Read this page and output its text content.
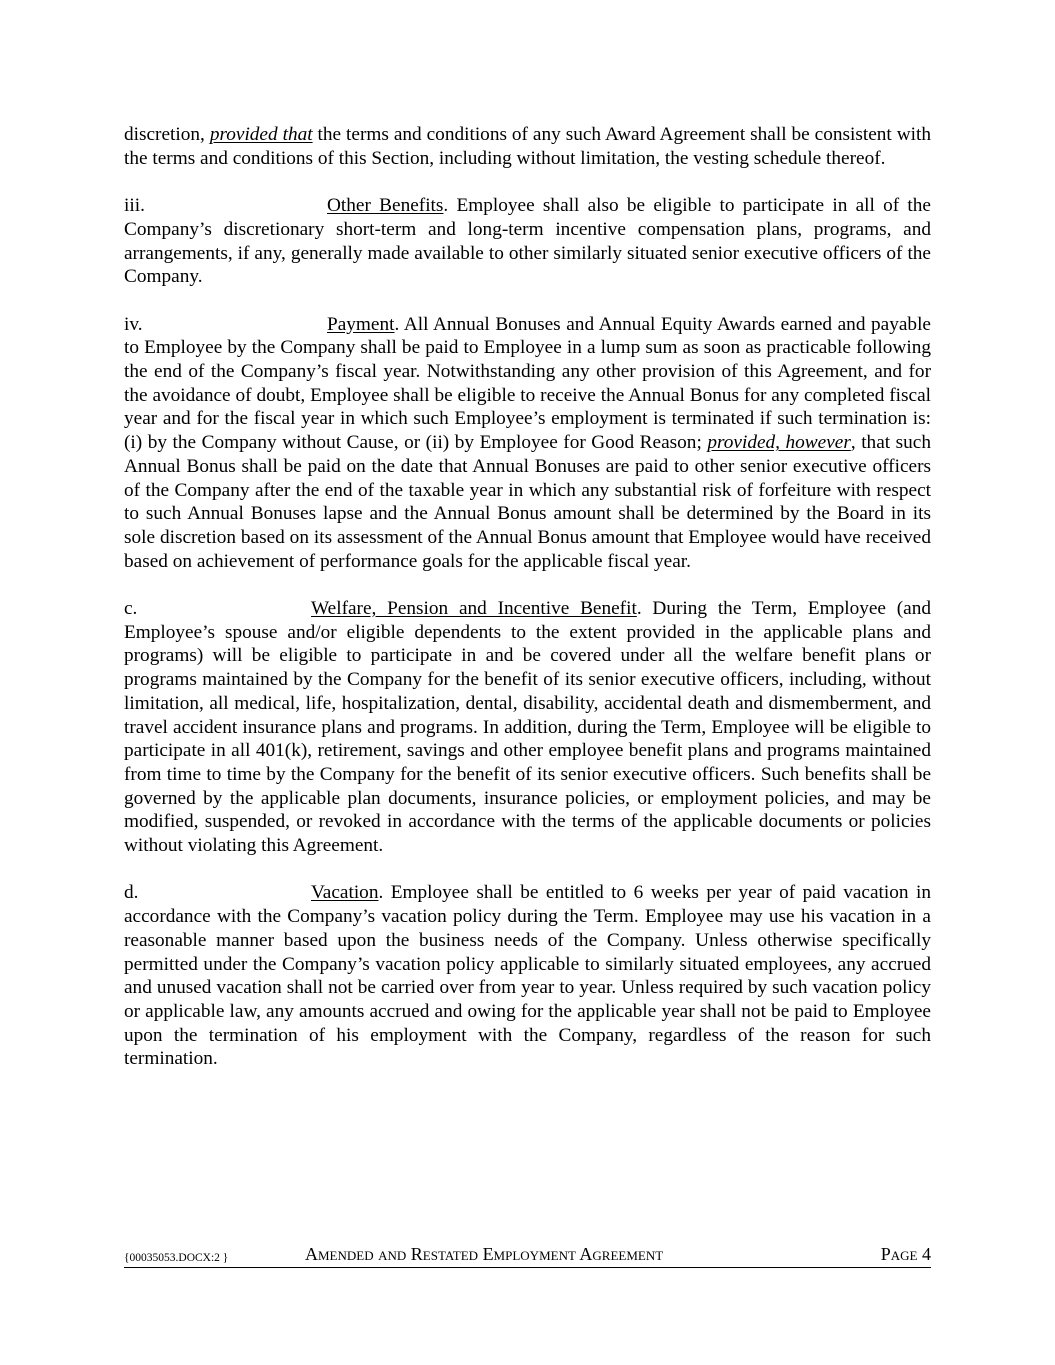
discretion, provided that the terms and conditions of any such Award Agreement shall be consistent with the terms and conditions of this Section, including without limitation, the vesting schedule thereof.

iii.	Other Benefits. Employee shall also be eligible to participate in all of the Company’s discretionary short-term and long-term incentive compensation plans, programs, and arrangements, if any, generally made available to other similarly situated senior executive officers of the Company.

iv.	Payment. All Annual Bonuses and Annual Equity Awards earned and payable to Employee by the Company shall be paid to Employee in a lump sum as soon as practicable following the end of the Company’s fiscal year. Notwithstanding any other provision of this Agreement, and for the avoidance of doubt, Employee shall be eligible to receive the Annual Bonus for any completed fiscal year and for the fiscal year in which such Employee’s employment is terminated if such termination is: (i) by the Company without Cause, or (ii) by Employee for Good Reason; provided, however, that such Annual Bonus shall be paid on the date that Annual Bonuses are paid to other senior executive officers of the Company after the end of the taxable year in which any substantial risk of forfeiture with respect to such Annual Bonuses lapse and the Annual Bonus amount shall be determined by the Board in its sole discretion based on its assessment of the Annual Bonus amount that Employee would have received based on achievement of performance goals for the applicable fiscal year.

c.	Welfare, Pension and Incentive Benefit. During the Term, Employee (and Employee’s spouse and/or eligible dependents to the extent provided in the applicable plans and programs) will be eligible to participate in and be covered under all the welfare benefit plans or programs maintained by the Company for the benefit of its senior executive officers, including, without limitation, all medical, life, hospitalization, dental, disability, accidental death and dismemberment, and travel accident insurance plans and programs. In addition, during the Term, Employee will be eligible to participate in all 401(k), retirement, savings and other employee benefit plans and programs maintained from time to time by the Company for the benefit of its senior executive officers. Such benefits shall be governed by the applicable plan documents, insurance policies, or employment policies, and may be modified, suspended, or revoked in accordance with the terms of the applicable documents or policies without violating this Agreement.

d.	Vacation. Employee shall be entitled to 6 weeks per year of paid vacation in accordance with the Company’s vacation policy during the Term. Employee may use his vacation in a reasonable manner based upon the business needs of the Company. Unless otherwise specifically permitted under the Company’s vacation policy applicable to similarly situated employees, any accrued and unused vacation shall not be carried over from year to year. Unless required by such vacation policy or applicable law, any amounts accrued and owing for the applicable year shall not be paid to Employee upon the termination of his employment with the Company, regardless of the reason for such termination.

{00035053.DOCX:2 }	Amended and Restated Employment Agreement	Page 4
